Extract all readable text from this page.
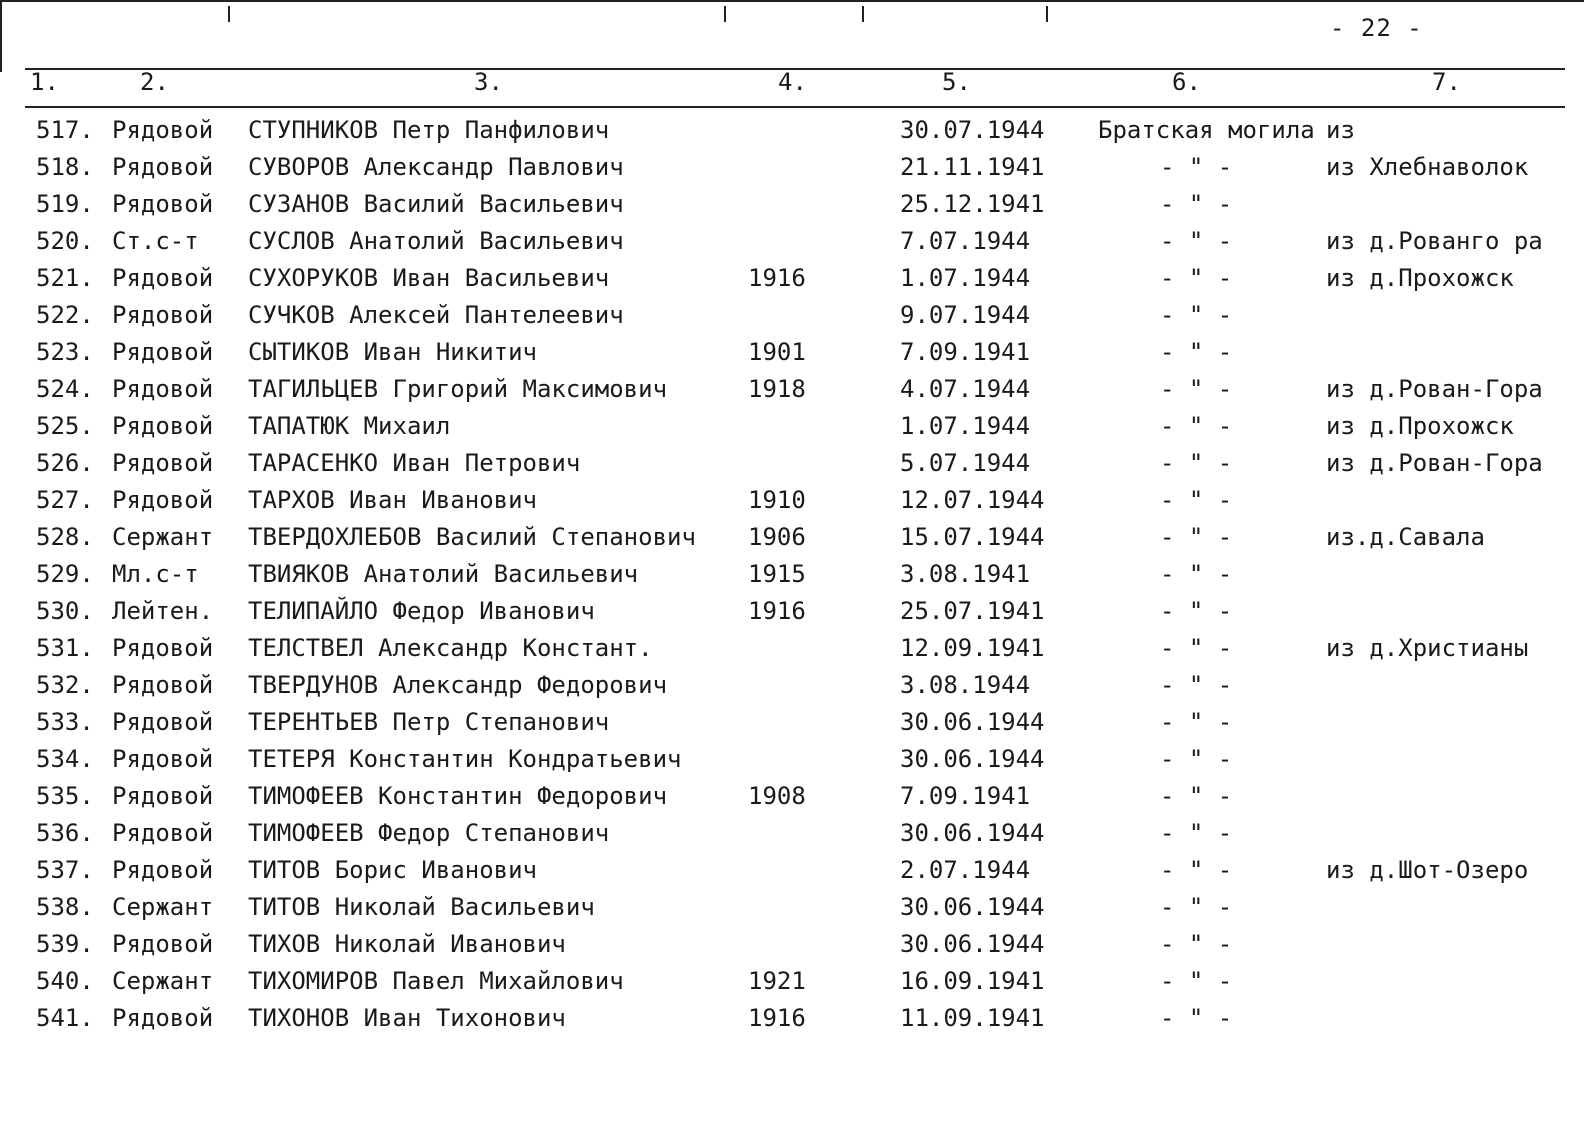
- 22 -
1.	2.	3.	4.	5.	6.	7.
517. Рядовой СТУПНИКОВ Петр Панфилович	30.07.1944 Братская могила из
518. Рядовой СУВОРОВ Александр Павлович	21.11.1941	- " -	из Хлебнаволок
519. Рядовой СУЗАНОВ Василий Васильевич	25.12.1941	- " -
520. Ст.с-т СУСЛОВ Анатолий Васильевич	7.07.1944	- " -	из д.Рованго ра
521. Рядовой СУХОРУКОВ Иван Васильевич	1916	1.07.1944	- " -	из д.Прохожск
522. Рядовой СУЧКОВ Алексей Пантелеевич	9.07.1944	- " -
523. Рядовой СЫТИКОВ Иван Никитич	1901	7.09.1941	- " -
524. Рядовой ТАГИЛЬЦЕВ Григорий Максимович	1918	4.07.1944	- " -	из д.Рован-Гора
525. Рядовой ТАПАТЮК Михаил	1.07.1944	- " -	из д.Прохожск
526. Рядовой ТАРАСЕНКО Иван Петрович	5.07.1944	- " -	из д.Рован-Гора
527. Рядовой ТАРХОВ Иван Иванович	1910	12.07.1944	- " -
528. Сержант ТВЕРДОХЛЕБОВ Василий Степанович 1906	15.07.1944	- " -	из.д.Савала
529. Мл.с-т ТВИЯКОВ Анатолий Васильевич	1915	3.08.1941	- " -
530. Лейтен. ТЕЛИПАЙЛО Федор Иванович	1916	25.07.1941	- " -
531. Рядовой ТЕЛСТВЕЛ Александр Констант.	12.09.1941	- " -	из д.Христианы
532. Рядовой ТВЕРДУНОВ Александр Федорович	3.08.1944	- " -
533. Рядовой ТЕРЕНТЬЕВ Петр Степанович	30.06.1944	- " -
534. Рядовой ТЕТЕРЯ Константин Кондратьевич	30.06.1944	- " -
535. Рядовой ТИМОФЕЕВ Константин Федорович	1908	7.09.1941	- " -
536. Рядовой ТИМОФЕЕВ Федор Степанович	30.06.1944	- " -
537. Рядовой ТИТОВ Борис Иванович	2.07.1944	- " -	из д.Шот-Озеро
538. Сержант ТИТОВ Николай Васильевич	30.06.1944	- " -
539. Рядовой ТИХОВ Николай Иванович	30.06.1944	- " -
540. Сержант ТИХОМИРОВ Павел Михайлович	1921	16.09.1941	- " -
541. Рядовой ТИХОНОВ Иван Тихонович	1916	11.09.1941	- " -
